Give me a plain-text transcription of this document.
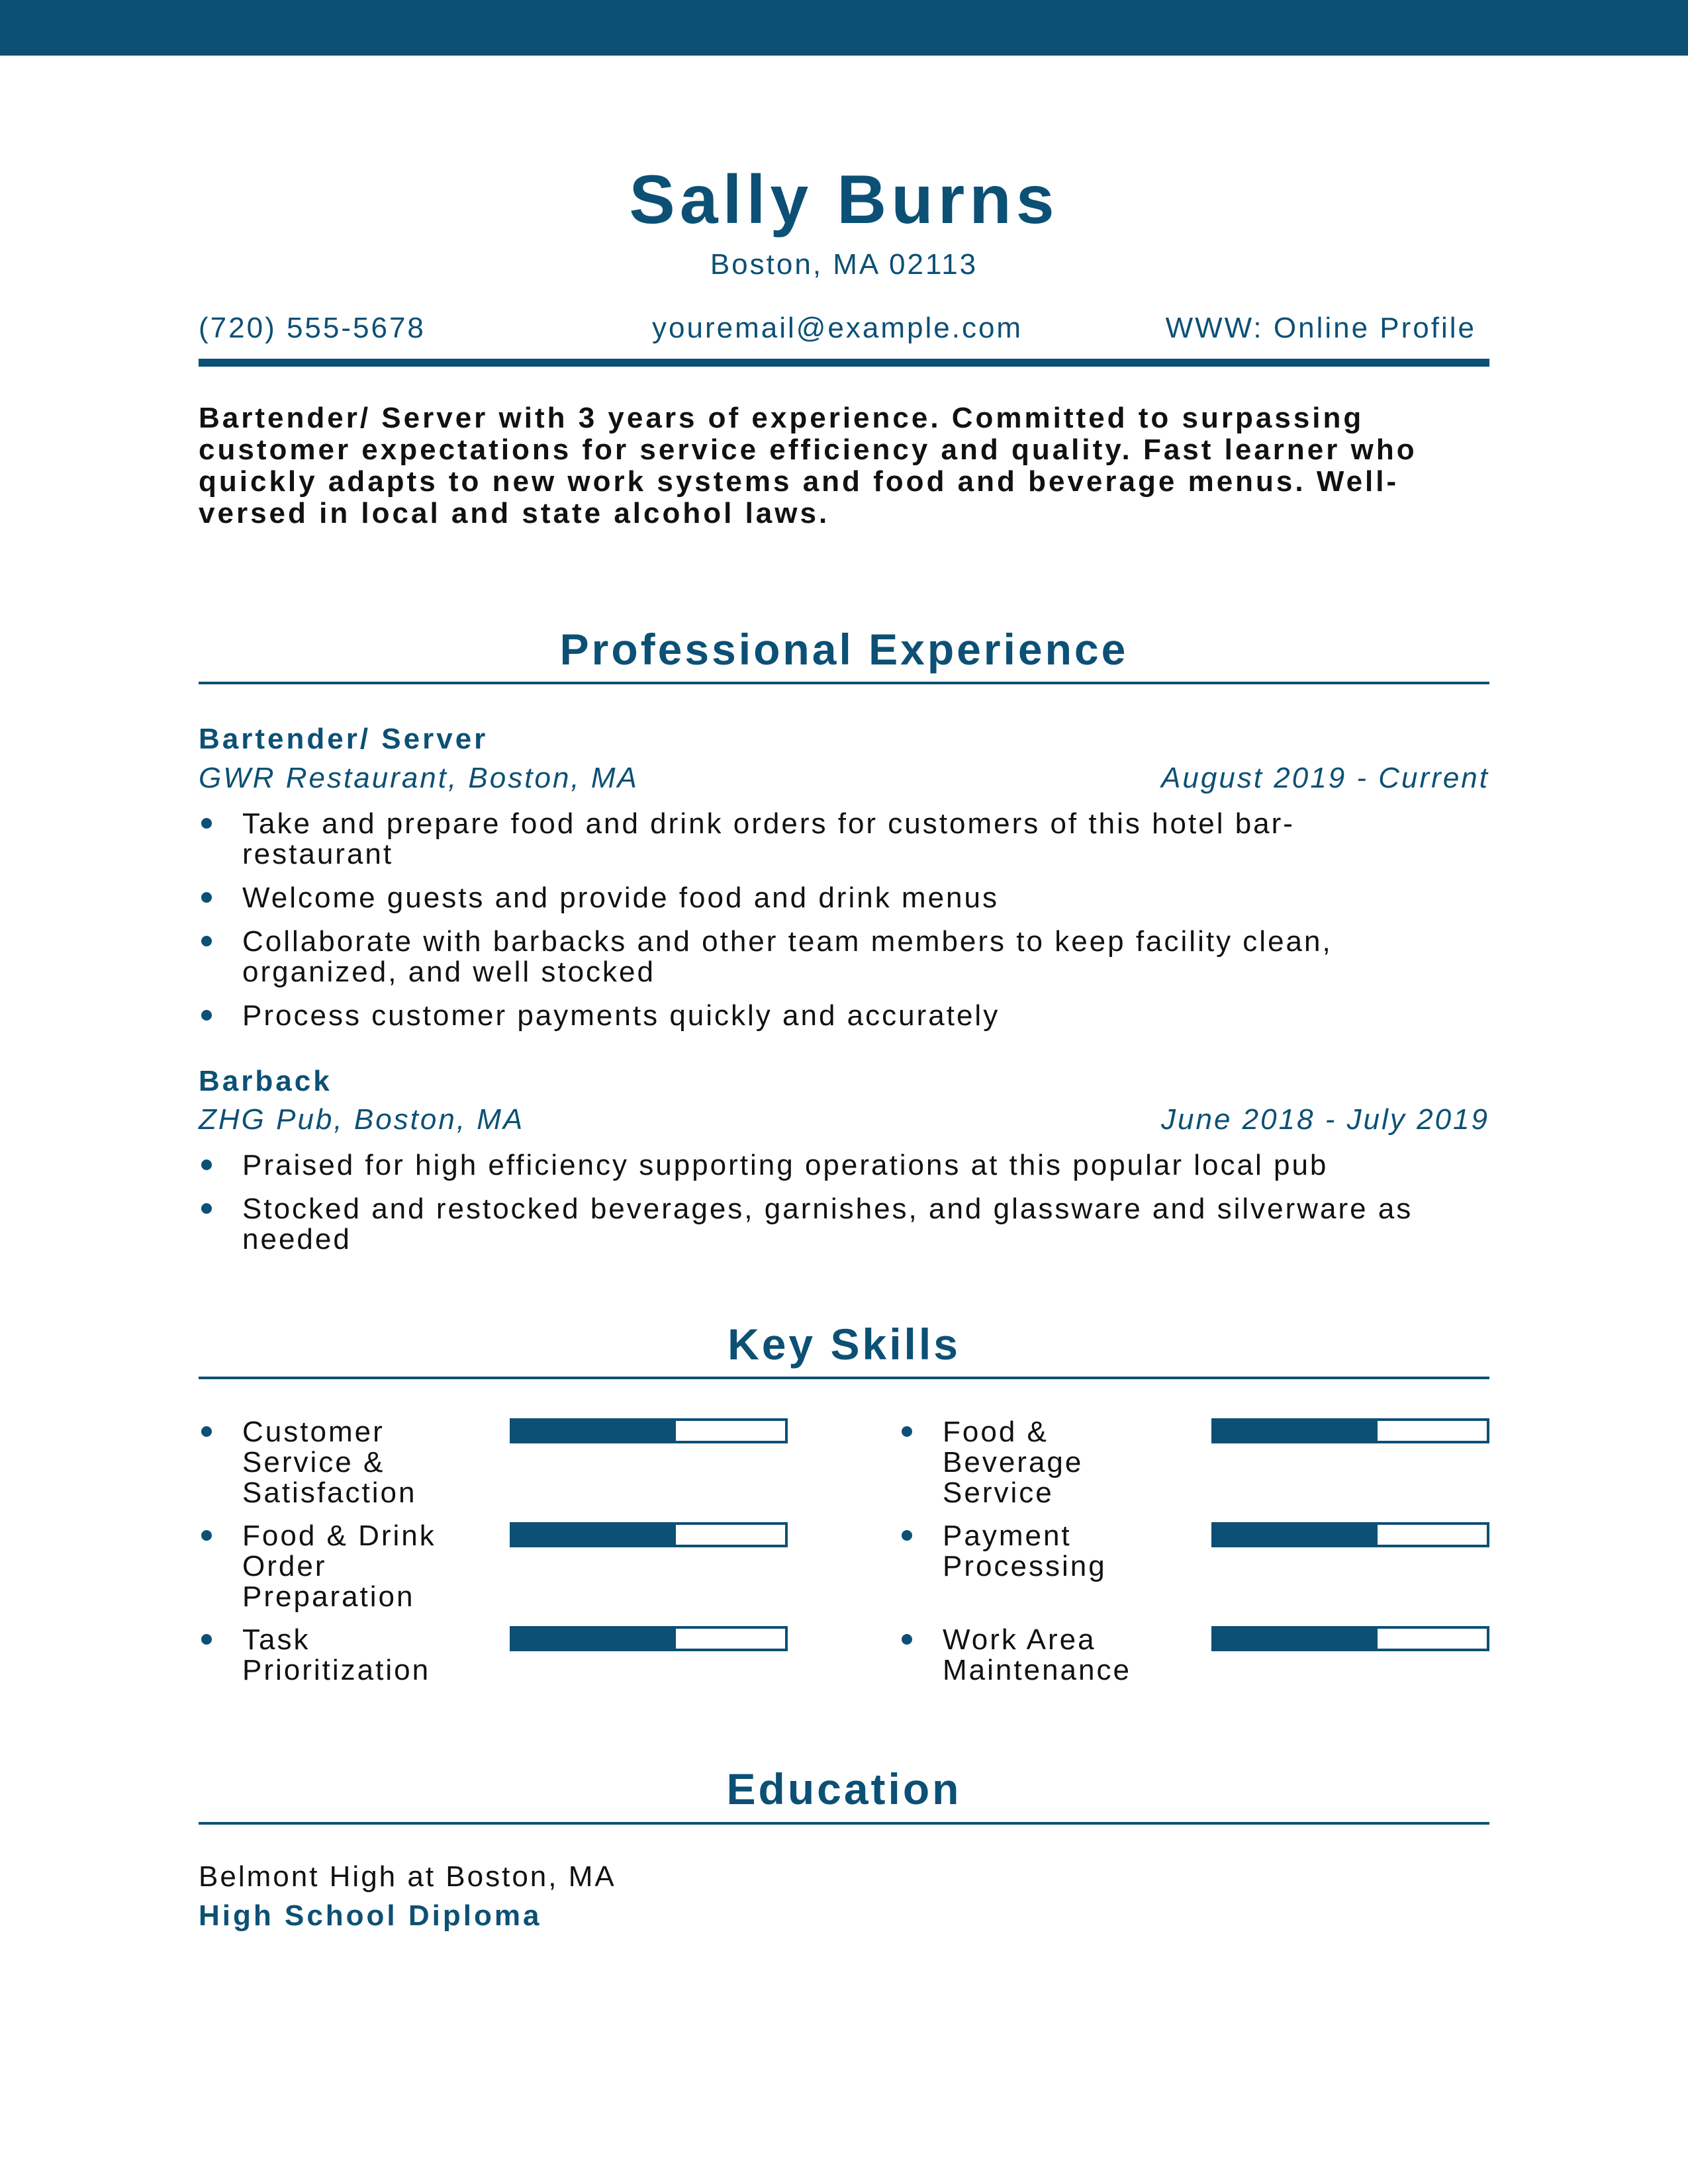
Sally Burns
Boston, MA 02113
(720) 555-5678	youremail@example.com	WWW: Online Profile
Bartender/ Server with 3 years of experience. Committed to surpassing customer expectations for service efficiency and quality. Fast learner who quickly adapts to new work systems and food and beverage menus. Well-versed in local and state alcohol laws.
Professional Experience
Bartender/ Server
GWR Restaurant, Boston, MA	August 2019 - Current
Take and prepare food and drink orders for customers of this hotel bar-restaurant
Welcome guests and provide food and drink menus
Collaborate with barbacks and other team members to keep facility clean, organized, and well stocked
Process customer payments quickly and accurately
Barback
ZHG Pub, Boston, MA	June 2018 - July 2019
Praised for high efficiency supporting operations at this popular local pub
Stocked and restocked beverages, garnishes, and glassware and silverware as needed
Key Skills
Customer Service & Satisfaction
Food & Beverage Service
Food & Drink Order Preparation
Payment Processing
Task Prioritization
Work Area Maintenance
Education
Belmont High at Boston, MA
High School Diploma
